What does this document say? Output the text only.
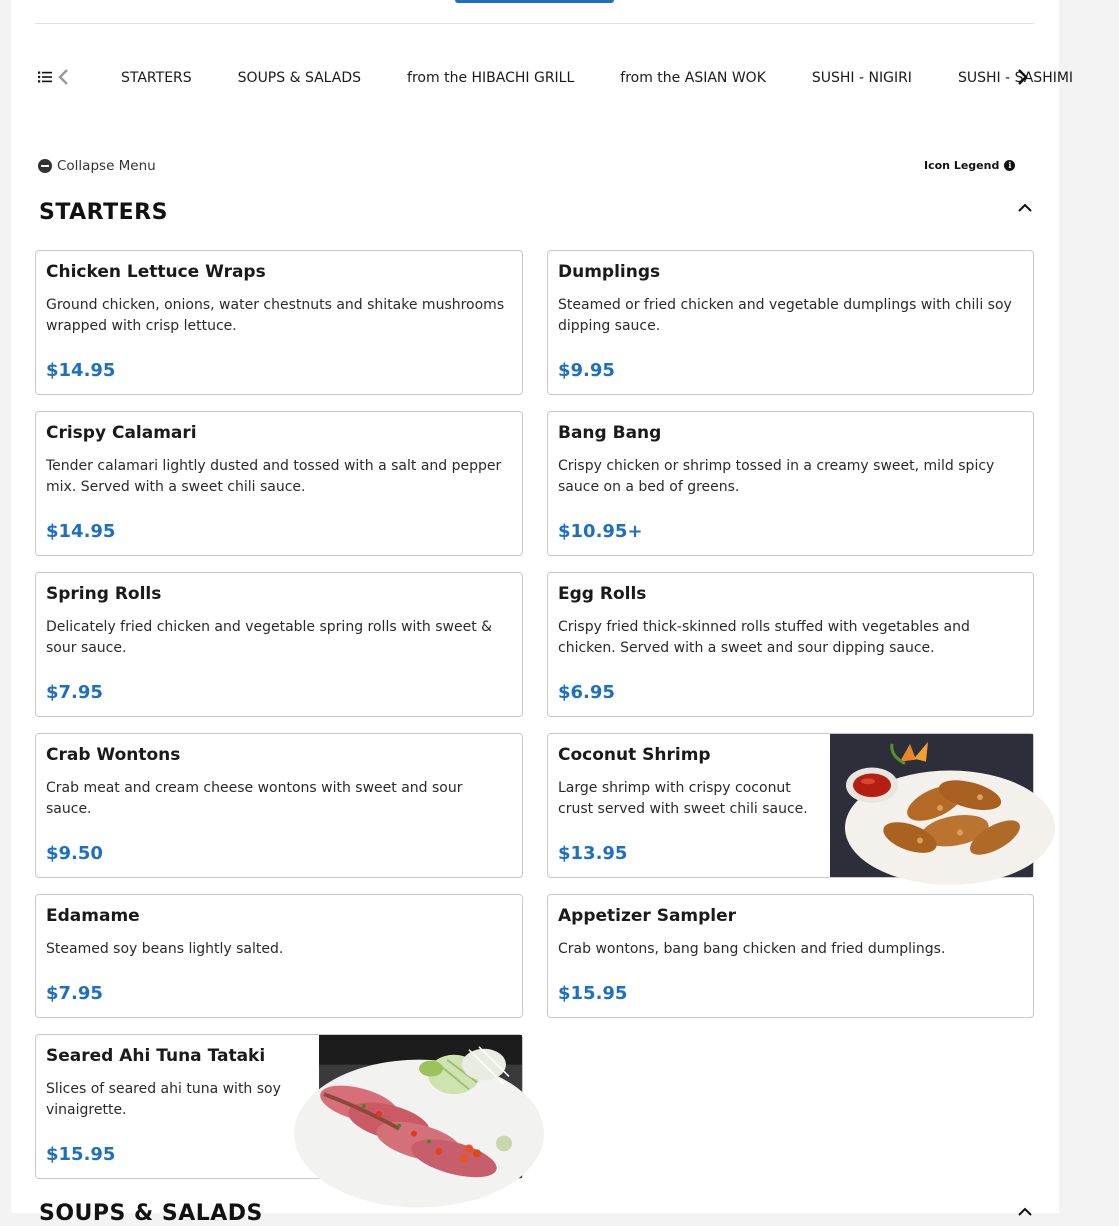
STARTERS	SOUPS & SALADS	from the HIBACHI GRILL	from the ASIAN WOK	SUSHI - NIGIRI	SUSHI - SASHIMI
Collapse Menu	Icon Legend	i
STARTERS
Chicken Lettuce Wraps
Ground chicken, onions, water chestnuts and shitake mushrooms wrapped with crisp lettuce.
$14.95
Dumplings
Steamed or fried chicken and vegetable dumplings with chili soy dipping sauce.
$9.95
Crispy Calamari
Tender calamari lightly dusted and tossed with a salt and pepper mix. Served with a sweet chili sauce.
$14.95
Bang Bang
Crispy chicken or shrimp tossed in a creamy sweet, mild spicy sauce on a bed of greens.
$10.95+
Spring Rolls
Delicately fried chicken and vegetable spring rolls with sweet & sour sauce.
$7.95
Egg Rolls
Crispy fried thick-skinned rolls stuffed with vegetables and chicken. Served with a sweet and sour dipping sauce.
$6.95
Crab Wontons
Crab meat and cream cheese wontons with sweet and sour sauce.
$9.50
Coconut Shrimp
Large shrimp with crispy coconut crust served with sweet chili sauce.
$13.95
Edamame
Steamed soy beans lightly salted.
$7.95
Appetizer Sampler
Crab wontons, bang bang chicken and fried dumplings.
$15.95
Seared Ahi Tuna Tataki
Slices of seared ahi tuna with soy vinaigrette.
$15.95
SOUPS & SALADS
